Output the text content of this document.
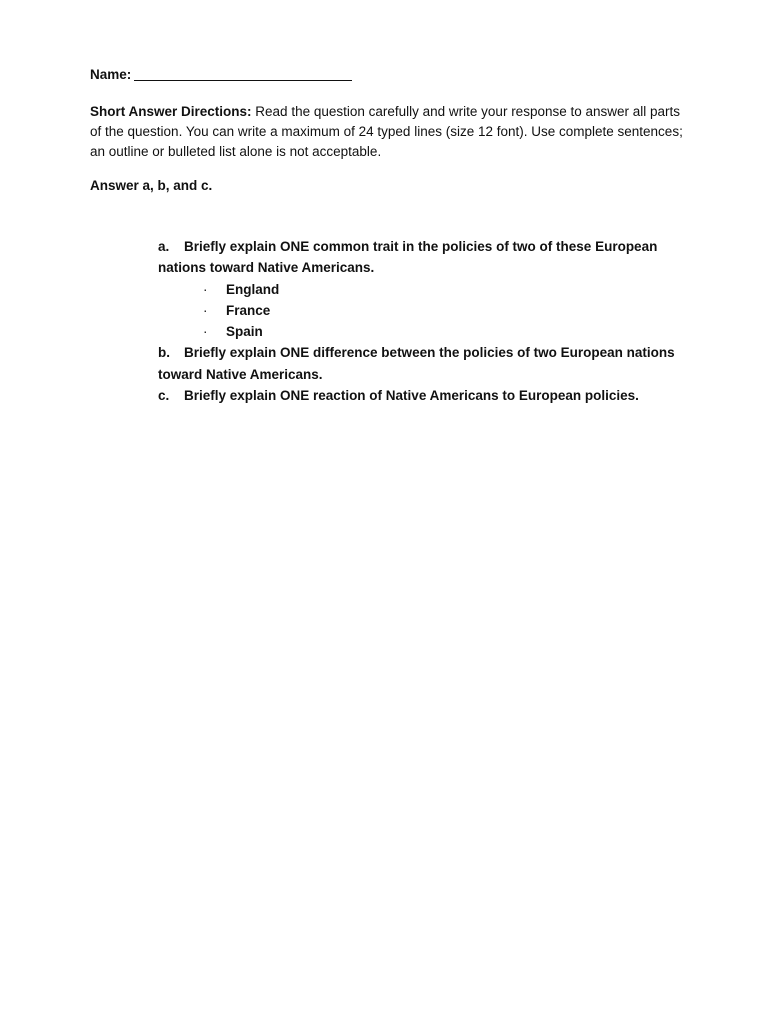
Name:
Short Answer Directions: Read the question carefully and write your response to answer all parts of the question. You can write a maximum of 24 typed lines (size 12 font). Use complete sentences; an outline or bulleted list alone is not acceptable.
Answer a, b, and c.
a. Briefly explain ONE common trait in the policies of two of these European nations toward Native Americans.
· England
· France
· Spain
b. Briefly explain ONE difference between the policies of two European nations toward Native Americans.
c. Briefly explain ONE reaction of Native Americans to European policies.
